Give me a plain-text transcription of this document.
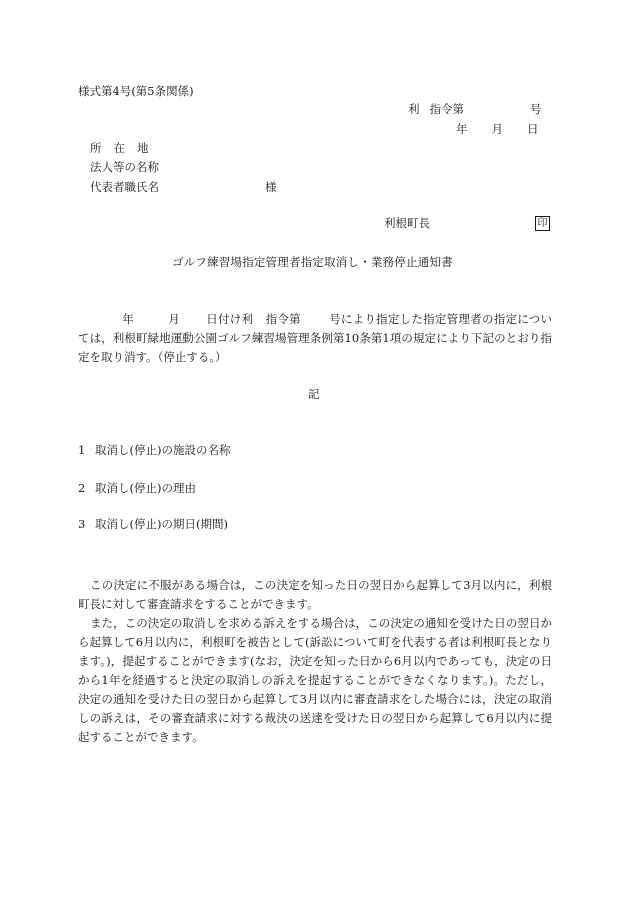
様式第4号(第5条関係)
利 指令第	号
年 月 日
所在地
法人等の名称
代表者職氏名	様
利根町長	印
ゴルフ練習場指定管理者指定取消し・業務停止通知書
年	月 日付け利 指令第 号により指定した指定管理者の指定については，利根町緑地運動公園ゴルフ練習場管理条例第10条第1項の規定により下記のとおり指定を取り消す。（停止する。）
記
1 取消し(停止)の施設の名称
2 取消し(停止)の理由
3 取消し(停止)の期日(期間)

この決定に不服がある場合は，この決定を知った日の翌日から起算して3月以内に，利根町長に対して審査請求をすることができます。

また，この決定の取消しを求める訴えをする場合は，この決定の通知を受けた日の翌日から起算して6月以内に，利根町を被告として(訴訟について町を代表する者は利根町長となります。)，提起することができます(なお，決定を知った日から6月以内であっても，決定の日から1年を経過すると決定の取消しの訴えを提起することができなくなります。)。ただし，決定の通知を受けた日の翌日から起算して3月以内に審査請求をした場合には，決定の取消しの訴えは，その審査請求に対する裁決の送達を受けた日の翌日から起算して6月以内に提起することができます。
